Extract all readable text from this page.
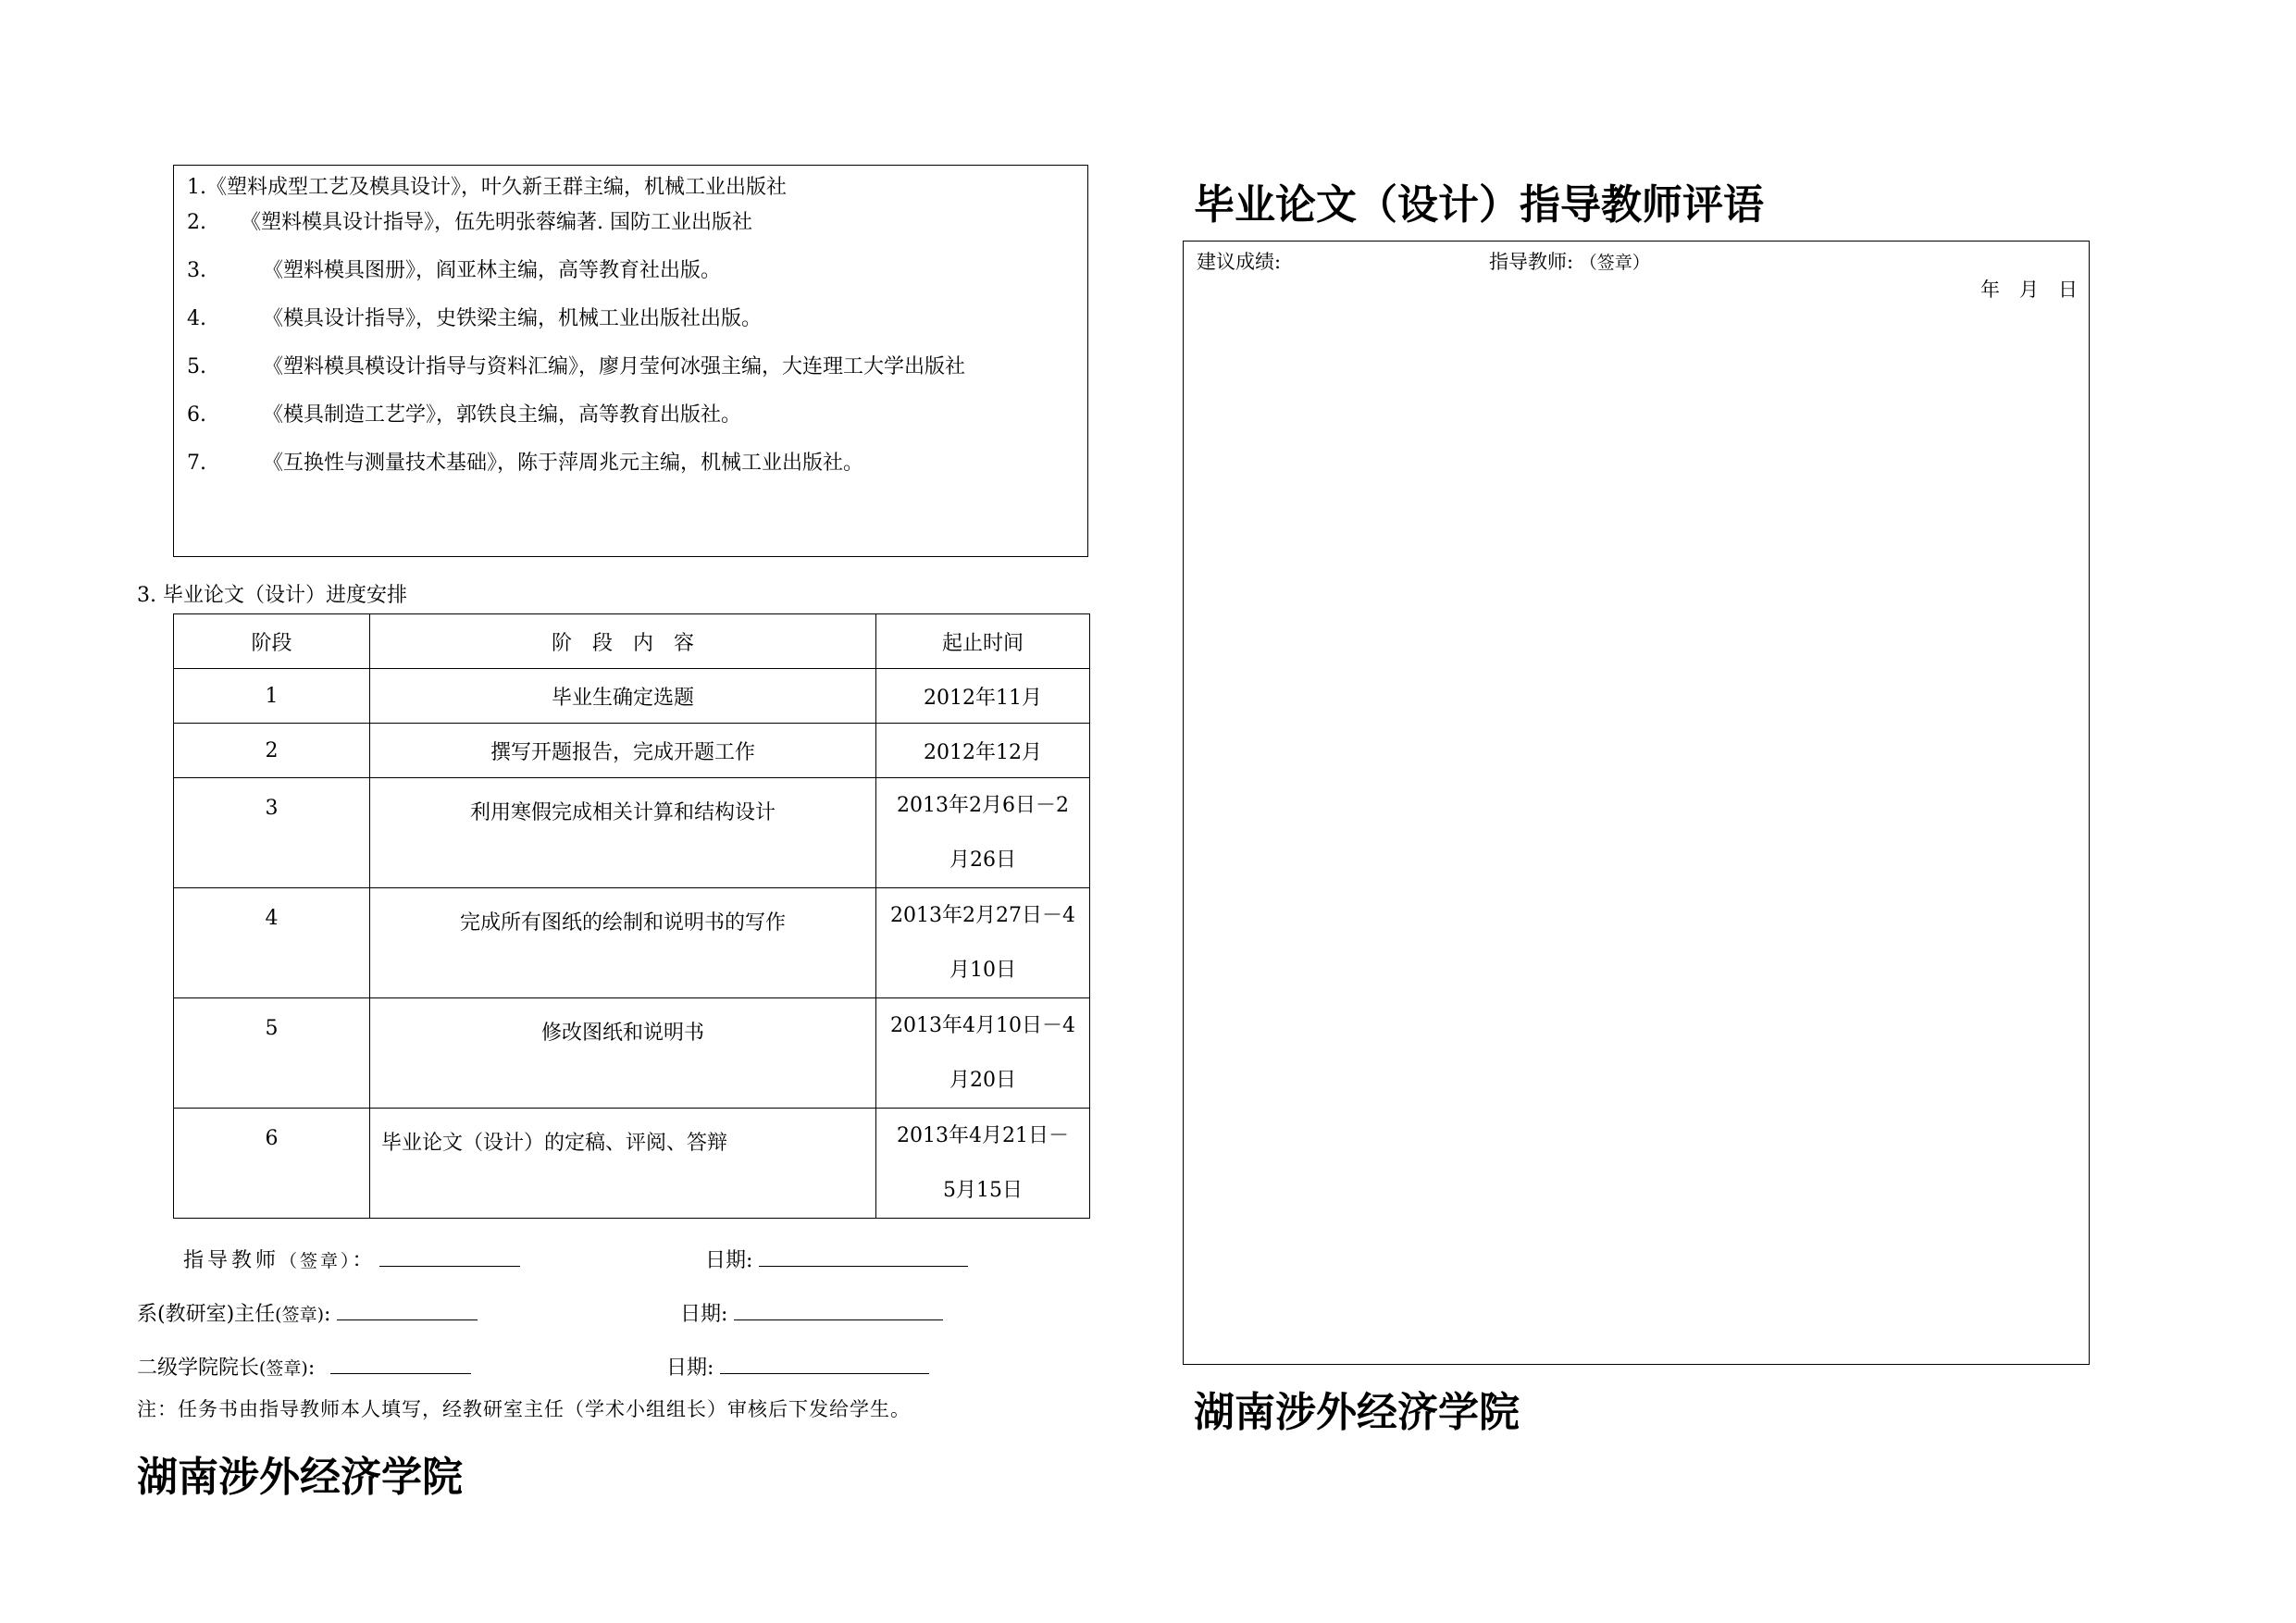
1.《塑料成型工艺及模具设计》，叶久新王群主编，机械工业出版社
2. 《塑料模具设计指导》，伍先明张蓉编著. 国防工业出版社
3.	《塑料模具图册》，阎亚林主编，高等教育社出版。
4.	《模具设计指导》，史铁梁主编，机械工业出版社出版。
5.	《塑料模具模设计指导与资料汇编》，廖月莹何冰强主编，大连理工大学出版社
6.	《模具制造工艺学》，郭铁良主编，高等教育出版社。
7.	《互换性与测量技术基础》，陈于萍周兆元主编，机械工业出版社。
3. 毕业论文（设计）进度安排
阶段	阶　段　内　容	起止时间
1	毕业生确定选题	2012年11月
2	撰写开题报告，完成开题工作	2012年12月

3	利用寒假完成相关计算和结构设计	2013年2月6日－2
月26日

4	完成所有图纸的绘制和说明书的写作	2013年2月27日－4
月10日

5	修改图纸和说明书	2013年4月10日－4
月20日

6	毕业论文（设计）的定稿、评阅、答辩	2013年4月21日－
5月15日
指导教师（签章）：	日期:
系(教研室)主任(签章):	日期:
二级学院院长(签章):	日期:
注：任务书由指导教师本人填写，经教研室主任（学术小组组长）审核后下发给学生。
湖南涉外经济学院
毕业论文（设计）指导教师评语
建议成绩:	指导教师: （签章）
年　月　日
湖南涉外经济学院
